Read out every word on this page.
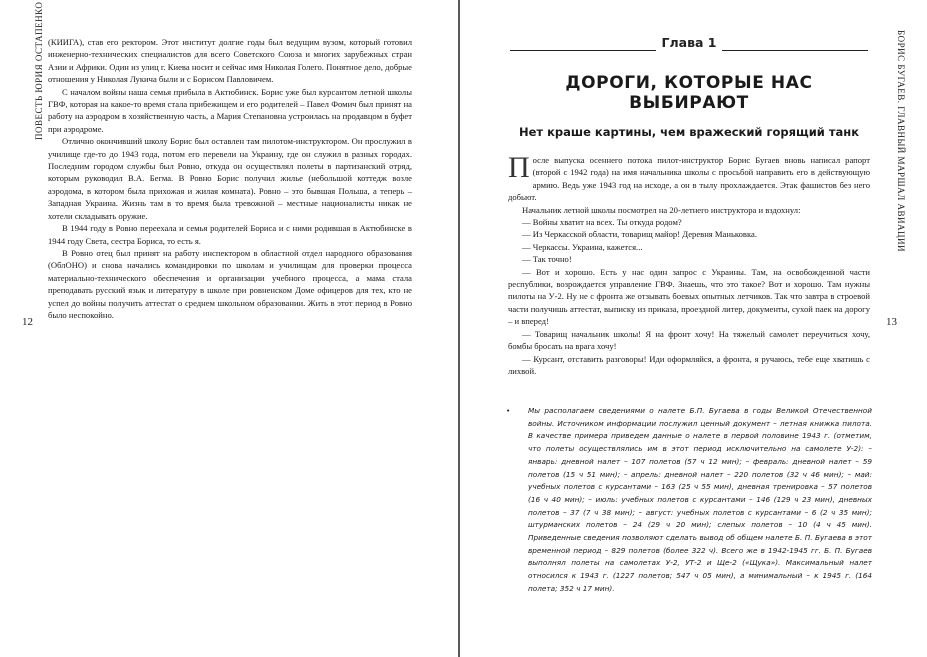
ПОВЕСТЬ ЮРИЯ ОСТАПЕНКО
12

(КИИГА), став его ректором. Этот институт долгие годы был ведущим вузом, который готовил инженерно-технических специалистов для всего Советского Союза и многих зарубежных стран Азии и Африки. Один из улиц г. Киева носит и сейчас имя Николая Голего. Понятное дело, добрые отношения у Николая Лукича были и с Борисом Павловичем.

С началом войны наша семья прибыла в Актюбинск. Борис уже был курсантом летной школы ГВФ, которая на какое-то время стала прибежищем и его родителей – Павел Фомич был принят на работу на аэродром в хозяйственную часть, а Мария Степановна устроилась на продавцом в буфет при аэродроме.

Отлично окончивший школу Борис был оставлен там пилотом-инструктором. Он прослужил в училище где-то до 1943 года, потом его перевели на Украину, где он служил в разных городах. Последним городом службы был Ровно, откуда он осуществлял полеты в партизанский отряд, которым руководил В.А. Бегма. В Ровно Борис получил жилье (небольшой коттедж возле аэродома, в котором была прихожая и жилая комната). Ровно – это бывшая Польша, а теперь – Западная Украина. Жизнь там в то время была тревожной – местные националисты никак не хотели складывать оружие.

В 1944 году в Ровно переехала и семья родителей Бориса и с ними родившая в Актюбинске в 1944 году Света, сестра Бориса, то есть я.

В Ровно отец был принят на работу инспектором в областной отдел народного образования (ОблОНО) и снова начались командировки по школам и училищам для проверки процесса материально-технического обеспечения и организации учебного процесса, а мама стала преподавать русский язык и литературу в школе при ровненском Доме офицеров для тех, кто не успел до войны получить аттестат о среднем школьном образовании. Жить в этот период в Ровно было неспокойно.

БОРИС БУГАЕВ. ГЛАВНЫЙ МАРШАЛ АВИАЦИИ
13
Глава 1
ДОРОГИ, КОТОРЫЕ НАС ВЫБИРАЮТ
Нет краше картины, чем вражеский горящий танк

После выпуска осеннего потока пилот-инструктор Борис Бугаев вновь написал рапорт (второй с 1942 года) на имя начальника школы с просьбой направить его в действующую армию. Ведь уже 1943 год на исходе, а он в тылу прохлаждается. Этак фашистов без него добьют.

Начальник летной школы посмотрел на 20-летнего инструктора и вздохнул:

— Войны хватит на всех. Ты откуда родом?

— Из Черкасской области, товарищ майор! Деревня Маньковка.

— Черкассы. Украина, кажется...

— Так точно!

— Вот и хорошо. Есть у нас один запрос с Украины. Там, на освобожденной части республики, возрождается управление ГВФ. Знаешь, что это такое? Вот и хорошо. Там нужны пилоты на У-2. Ну не с фронта же отзывать боевых опытных летчиков. Так что завтра в строевой части получишь аттестат, выписку из приказа, проездной литер, документы, сухой паек на дорогу – и вперед!

— Товарищ начальник школы! Я на фронт хочу! На тяжелый самолет переучиться хочу, бомбы бросать на врага хочу!

— Курсант, отставить разговоры! Иди оформляйся, а фронта, я ручаюсь, тебе еще хватишь с лихвой.

•	Мы располагаем сведениями о налете Б.П. Бугаева в годы Великой Отечественной войны. Источником информации послужил ценный документ – летная книжка пилота. В качестве примера приведем данные о налете в первой половине 1943 г. (отметим, что полеты осуществлялись им в этот период исключительно на самолете У-2): – январь: дневной налет – 107 полетов (57 ч 12 мин); – февраль: дневной налет – 59 полетов (15 ч 51 мин); – апрель: дневной налет – 220 полетов (32 ч 46 мин); – май: учебных полетов с курсантами – 163 (25 ч 55 мин), дневная тренировка – 57 полетов (16 ч 40 мин); – июль: учебных полетов с курсантами – 146 (129 ч 23 мин), дневных полетов – 37 (7 ч 38 мин); – август: учебных полетов с курсантами – 6 (2 ч 35 мин); штурманских полетов – 24 (29 ч 20 мин); слепых полетов – 10 (4 ч 45 мин). Приведенные сведения позволяют сделать вывод об общем налете Б. П. Бугаева в этот временной период – 829 полетов (более 322 ч). Всего же в 1942-1945 гг. Б. П. Бугаев выполнял полеты на самолетах У-2, УТ-2 и Ще-2 («Щука»). Максимальный налет относился к 1943 г. (1227 полетов; 547 ч 05 мин), а минимальный – к 1945 г. (164 полета; 352 ч 17 мин).
